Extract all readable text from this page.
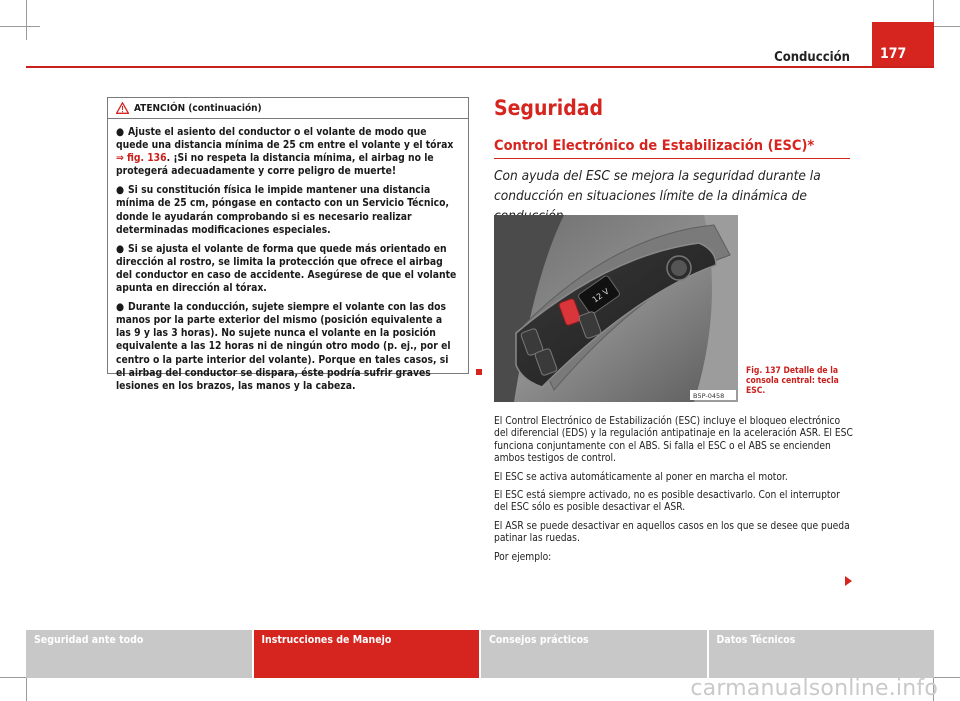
Conducción	177
ATENCIÓN (continuación)

● Ajuste el asiento del conductor o el volante de modo que quede una distancia mínima de 25 cm entre el volante y el tórax ⇒ fig. 136. ¡Si no respeta la distancia mínima, el airbag no le protegerá adecuadamente y corre peligro de muerte!

● Si su constitución física le impide mantener una distancia mínima de 25 cm, póngase en contacto con un Servicio Técnico, donde le ayudarán comprobando si es necesario realizar determinadas modificaciones especiales.

● Si se ajusta el volante de forma que quede más orientado en dirección al rostro, se limita la protección que ofrece el airbag del conductor en caso de accidente. Asegúrese de que el volante apunta en dirección al tórax.

● Durante la conducción, sujete siempre el volante con las dos manos por la parte exterior del mismo (posición equivalente a las 9 y las 3 horas). No sujete nunca el volante en la posición equivalente a las 12 horas ni de ningún otro modo (p. ej., por el centro o la parte interior del volante). Porque en tales casos, si el airbag del conductor se dispara, éste podría sufrir graves lesiones en los brazos, las manos y la cabeza.

Seguridad
Control Electrónico de Estabilización (ESC)*
Con ayuda del ESC se mejora la seguridad durante la conducción en situaciones límite de la dinámica de
12 V
B5P-0458
Fig. 137 Detalle de la consola central: tecla ESC.

El Control Electrónico de Estabilización (ESC) incluye el bloqueo electrónico del diferencial (EDS) y la regulación antipatinaje en la aceleración ASR. El ESC funciona conjuntamente con el ABS. Si falla el ESC o el ABS se encienden ambos testigos de control.

El ESC se activa automáticamente al poner en marcha el motor.

El ESC está siempre activado, no es posible desactivarlo. Con el interruptor del ESC sólo es posible desactivar el ASR.

El ASR se puede desactivar en aquellos casos en los que se desee que pueda patinar las ruedas.

Por ejemplo:

Seguridad ante todo	Instrucciones de Manejo	Consejos prácticos	Datos Técnicos
carmanualsonline.info
